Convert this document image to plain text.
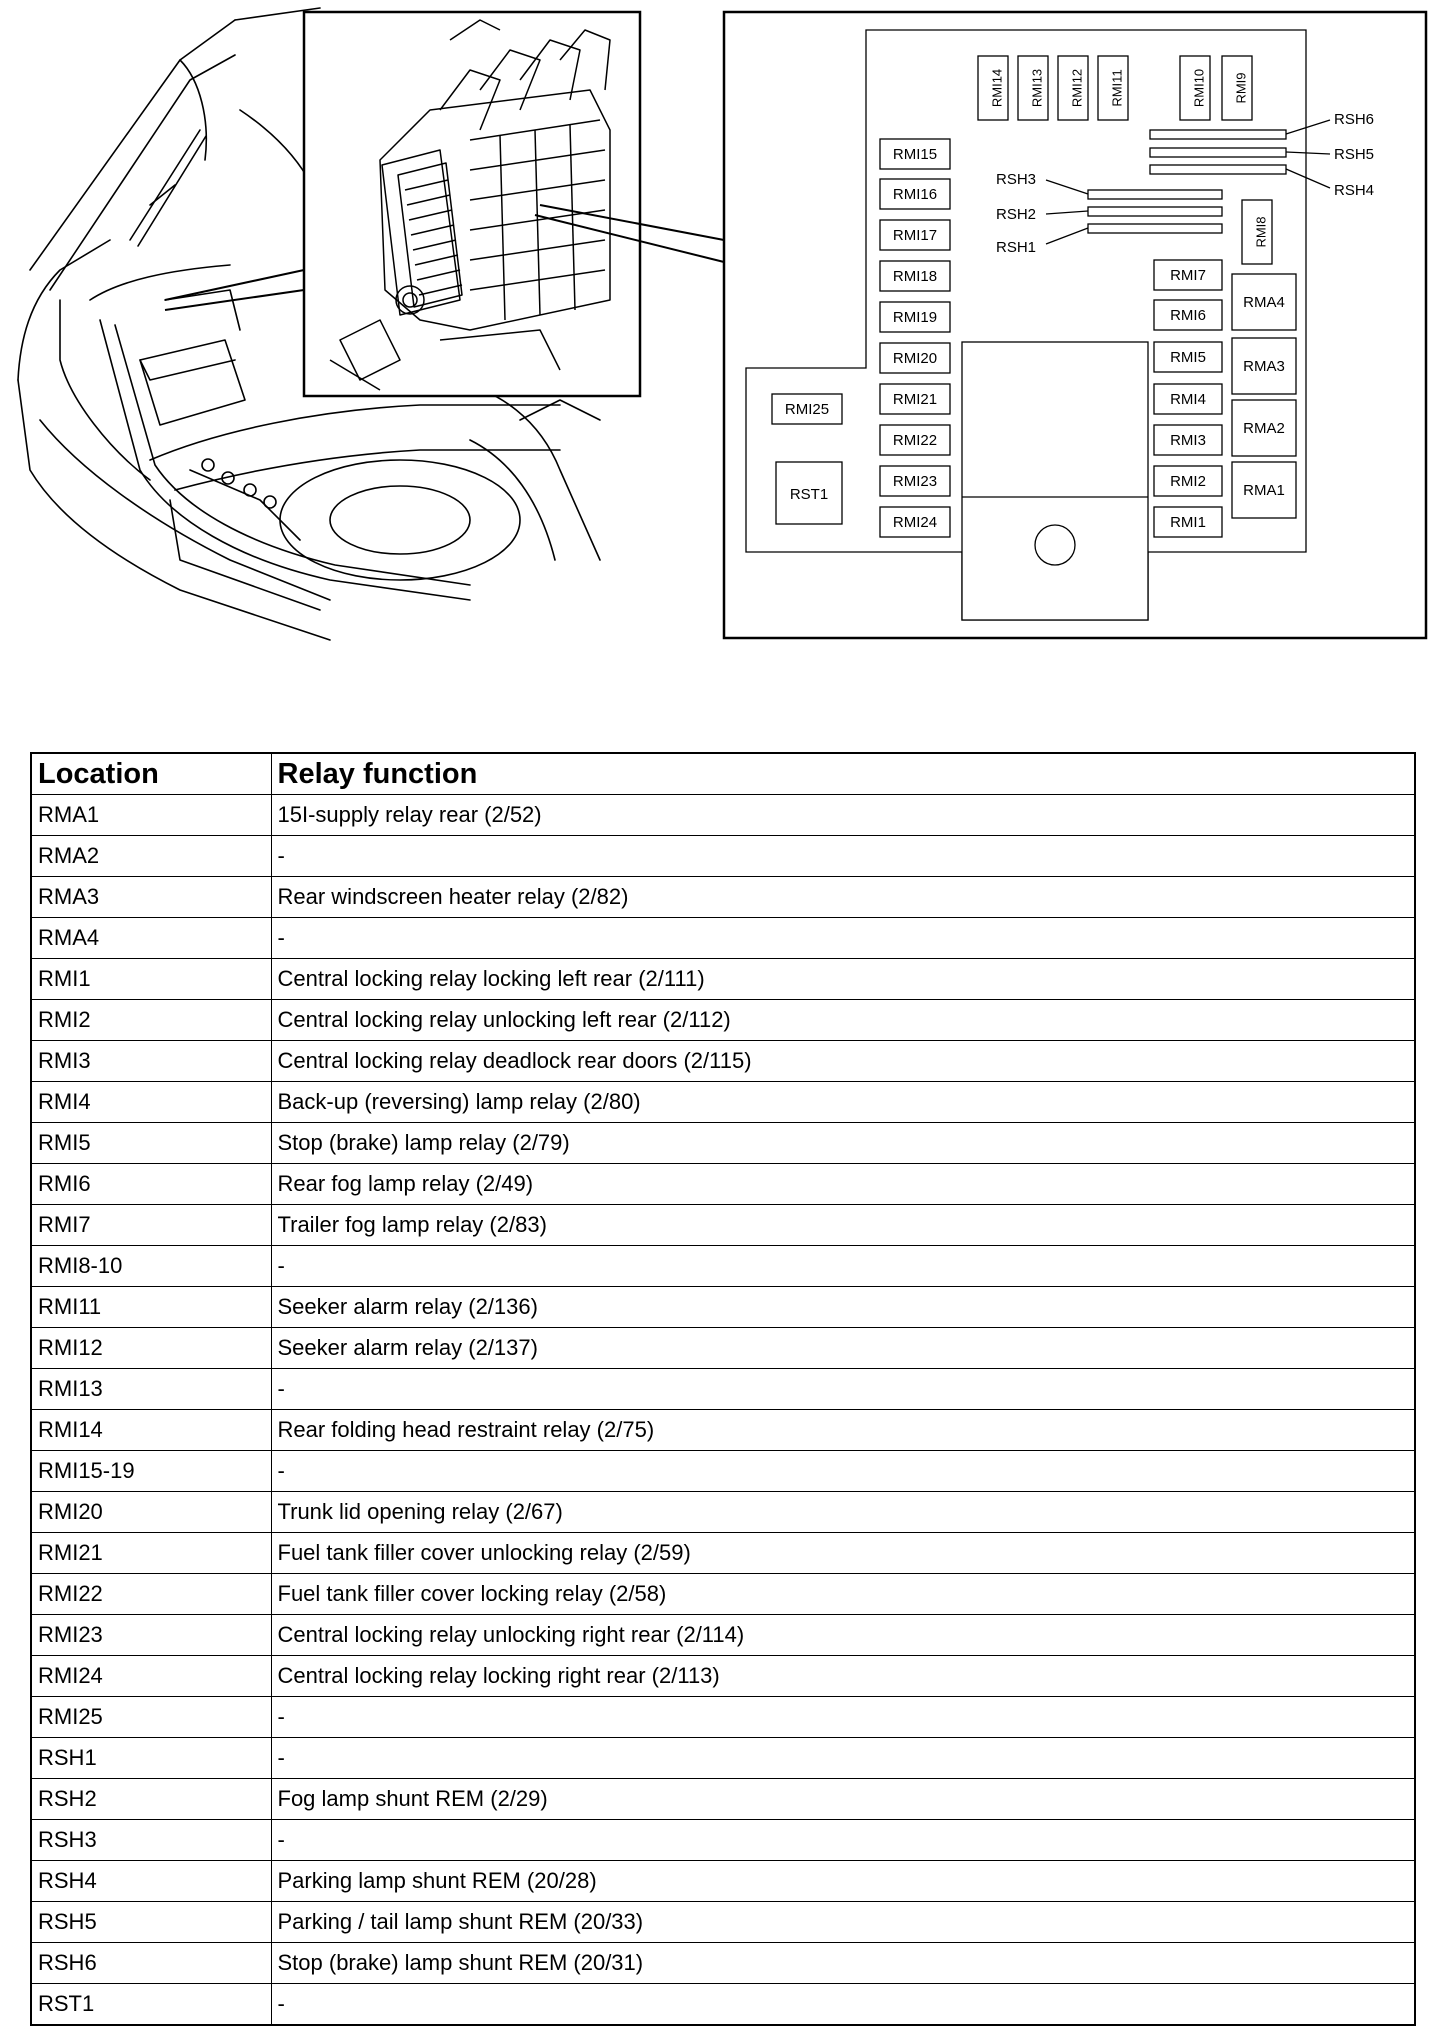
RSH6
RSH5
RSH4
RSH3
RSH2
RSH1
RMI14 RMI13 RMI12 RMI11	RMI10 RMI9
RMI8
RMI15
RMI16
RMI17
RMI18
RMI19
RMI20
RMI21
RMI22
RMI23
RMI24
RMI25
RST1
RMI7
RMI6
RMI5
RMI4
RMI3
RMI2
RMI1
RMA4
RMA3
RMA2
RMA1
Location	Relay function
RMA1	15I-supply relay rear (2/52)
RMA2	-
RMA3	Rear windscreen heater relay (2/82)
RMA4	-
RMI1	Central locking relay locking left rear (2/111)
RMI2	Central locking relay unlocking left rear (2/112)
RMI3	Central locking relay deadlock rear doors (2/115)
RMI4	Back-up (reversing) lamp relay (2/80)
RMI5	Stop (brake) lamp relay (2/79)
RMI6	Rear fog lamp relay (2/49)
RMI7	Trailer fog lamp relay (2/83)
RMI8-10	-
RMI11	Seeker alarm relay (2/136)
RMI12	Seeker alarm relay (2/137)
RMI13	-
RMI14	Rear folding head restraint relay (2/75)
RMI15-19	-
RMI20	Trunk lid opening relay (2/67)
RMI21	Fuel tank filler cover unlocking relay (2/59)
RMI22	Fuel tank filler cover locking relay (2/58)
RMI23	Central locking relay unlocking right rear (2/114)
RMI24	Central locking relay locking right rear (2/113)
RMI25	-
RSH1	-
RSH2	Fog lamp shunt REM (2/29)
RSH3	-
RSH4	Parking lamp shunt REM (20/28)
RSH5	Parking / tail lamp shunt REM (20/33)
RSH6	Stop (brake) lamp shunt REM (20/31)
RST1	-
